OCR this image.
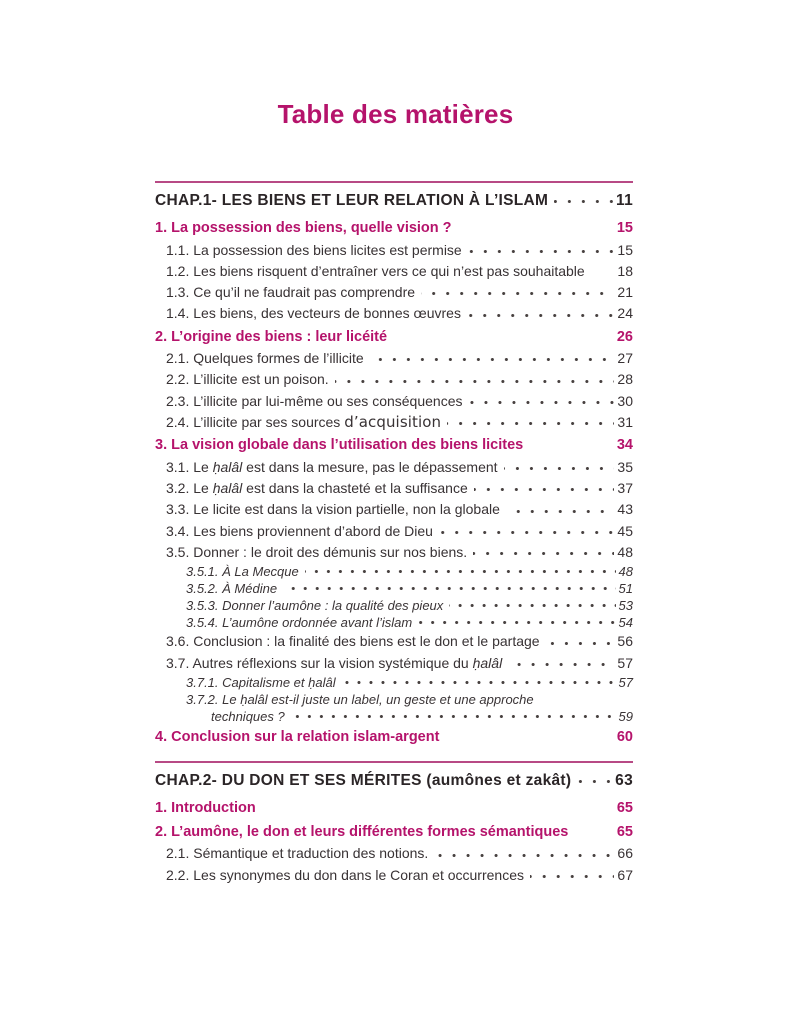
Table des matières
CHAP.1- LES BIENS ET LEUR RELATION À L’ISLAM	11
1. La possession des biens, quelle vision ?	15
1.1. La possession des biens licites est permise	15
1.2. Les biens risquent d’entraîner vers ce qui n’est pas souhaitable 18
1.3. Ce qu’il ne faudrait pas comprendre	21
1.4. Les biens, des vecteurs de bonnes œuvres	24
2. L’origine des biens : leur licéité	26
2.1. Quelques formes de l’illicite	27
2.2. L’illicite est un poison.	28
2.3. L’illicite par lui-même ou ses conséquences	30
2.4. L’illicite par ses sources d’acquisition	31
3. La vision globale dans l’utilisation des biens licites	34
3.1. Le ḥalâl est dans la mesure, pas le dépassement	35
3.2. Le ḥalâl est dans la chasteté et la suffisance	37
3.3. Le licite est dans la vision partielle, non la globale	43
3.4. Les biens proviennent d’abord de Dieu	45
3.5. Donner : le droit des démunis sur nos biens.	48
3.5.1. À La Mecque	48
3.5.2. À Médine	51
3.5.3. Donner l’aumône : la qualité des pieux	53
3.5.4. L’aumône ordonnée avant l’islam	54
3.6. Conclusion : la finalité des biens est le don et le partage	56
3.7. Autres réflexions sur la vision systémique du ḥalâl	57
3.7.1. Capitalisme et ḥalâl	57
3.7.2. Le ḥalâl est-il juste un label, un geste et une approche
techniques ?	59
4. Conclusion sur la relation islam-argent	60
CHAP.2- DU DON ET SES MÉRITES (aumônes et zakât)	63
1. Introduction	65
2. L’aumône, le don et leurs différentes formes sémantiques	65
2.1. Sémantique et traduction des notions.	66
2.2. Les synonymes du don dans le Coran et occurrences	67
